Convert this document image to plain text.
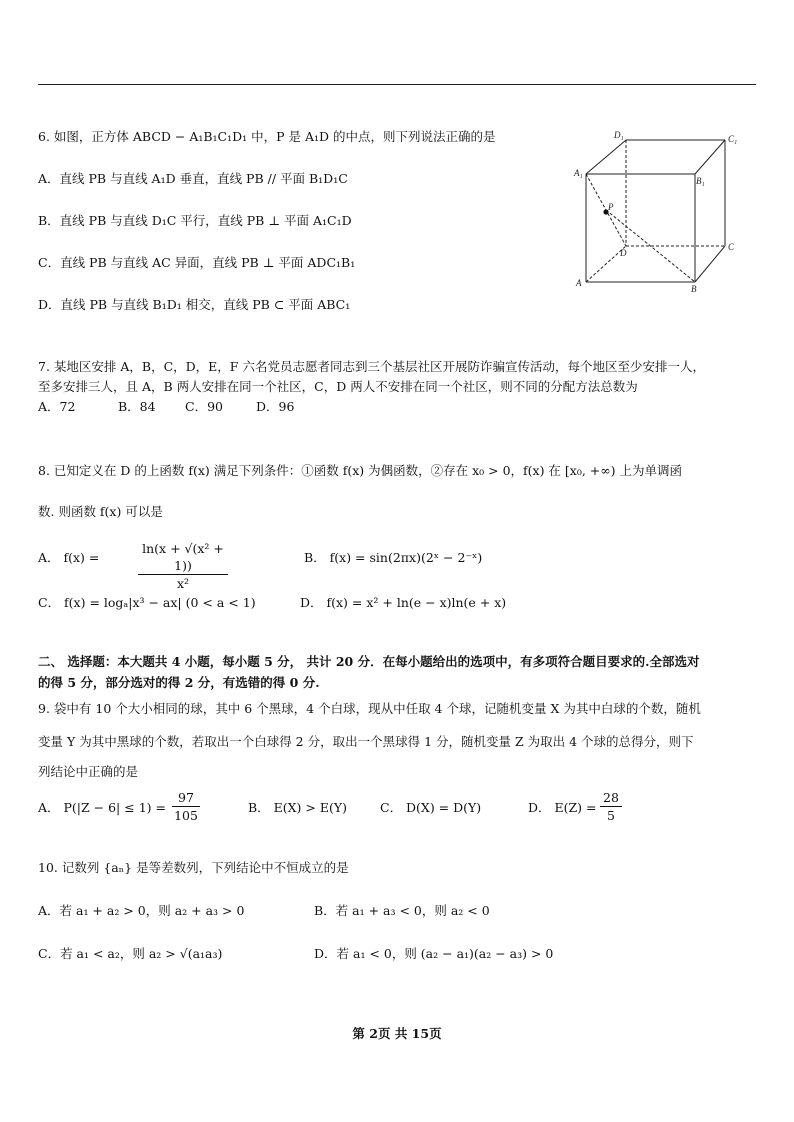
6. 如图，正方体 ABCD − A₁B₁C₁D₁ 中，P 是 A₁D 的中点，则下列说法正确的是
A．直线 PB 与直线 A₁D 垂直，直线 PB // 平面 B₁D₁C
B．直线 PB 与直线 D₁C 平行，直线 PB ⊥ 平面 A₁C₁D
C．直线 PB 与直线 AC 异面，直线 PB ⊥ 平面 ADC₁B₁
D．直线 PB 与直线 B₁D₁ 相交，直线 PB ⊂ 平面 ABC₁
D₁	C₁
A₁
B₁
P
D
C
A
B
7. 某地区安排 A，B，C，D，E，F 六名党员志愿者同志到三个基层社区开展防诈骗宣传活动，每个地区至少安排一人，
至多安排三人，且 A，B 两人安排在同一个社区，C，D 两人不安排在同一个社区，则不同的分配方法总数为
A．72	B．84 C．90	D．96
8. 已知定义在 D 的上函数 f(x) 满足下列条件：①函数 f(x) 为偶函数，②存在 x₀ > 0，f(x) 在 [x₀, +∞) 上为单调函
数. 则函数 f(x) 可以是
A． f(x) =	$\frac{\text{ln(x + √(x² + 1))}}{\text{x²}}$	B． f(x) = sin(2πx)(2ˣ − 2⁻ˣ)
C． f(x) = logₐ|x³ − ax| (0 < a < 1)	D． f(x) = x² + ln(e − x)ln(e + x)
二、 选择题：本大题共 4 小题，每小题 5 分， 共计 20 分．在每小题给出的选项中，有多项符合题目要求的.全部选对
的得 5 分，部分选对的得 2 分，有选错的得 0 分.
9. 袋中有 10 个大小相同的球，其中 6 个黑球，4 个白球，现从中任取 4 个球，记随机变量 X 为其中白球的个数，随机
变量 Y 为其中黑球的个数，若取出一个白球得 2 分，取出一个黑球得 1 分，随机变量 Z 为取出 4 个球的总得分，则下
列结论中正确的是
A． $P(|Z - 6| \le 1) = \frac{97}{105}$	B． E(X) > E(Y)	C． D(X) = D(Y)	D． $E(Z) = \frac{28}{5}$
10. 记数列 {aₙ} 是等差数列，下列结论中不恒成立的是
A．若 a₁ + a₂ > 0，则 a₂ + a₃ > 0	B．若 a₁ + a₃ < 0，则 a₂ < 0
C．若 a₁ < a₂，则 a₂ > √(a₁a₃)	D．若 a₁ < 0，则 (a₂ − a₁)(a₂ − a₃) > 0
第 2页 共 15页
